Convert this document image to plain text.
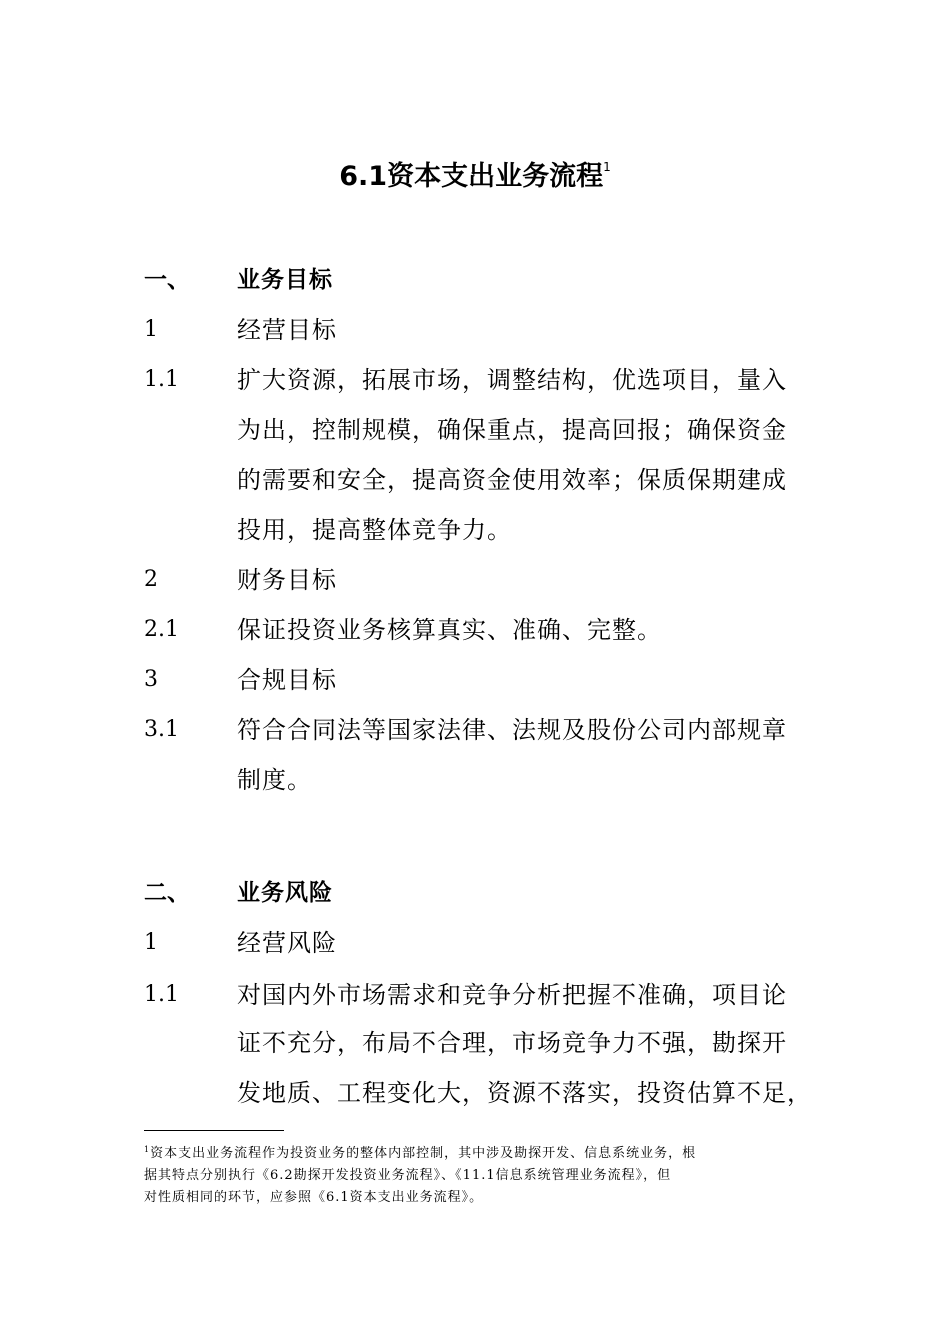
6.1资本支出业务流程$^1$
一、 业务目标
1	经营目标
1.1 扩大资源，拓展市场，调整结构，优选项目，量入
为出，控制规模，确保重点，提高回报；确保资金
的需要和安全，提高资金使用效率；保质保期建成
投用，提高整体竞争力。
2	财务目标
2.1 保证投资业务核算真实、准确、完整。
3	合规目标
3.1 符合合同法等国家法律、法规及股份公司内部规章
制度。
二、 业务风险
1	经营风险
1.1 对国内外市场需求和竞争分析把握不准确，项目论
证不充分，布局不合理，市场竞争力不强，勘探开
发地质、工程变化大，资源不落实，投资估算不足，
$^1$资本支出业务流程作为投资业务的整体内部控制，其中涉及勘探开发、信息系统业务，根
据其特点分别执行《6.2勘探开发投资业务流程》、《11.1信息系统管理业务流程》，但
对性质相同的环节，应参照《6.1资本支出业务流程》。
